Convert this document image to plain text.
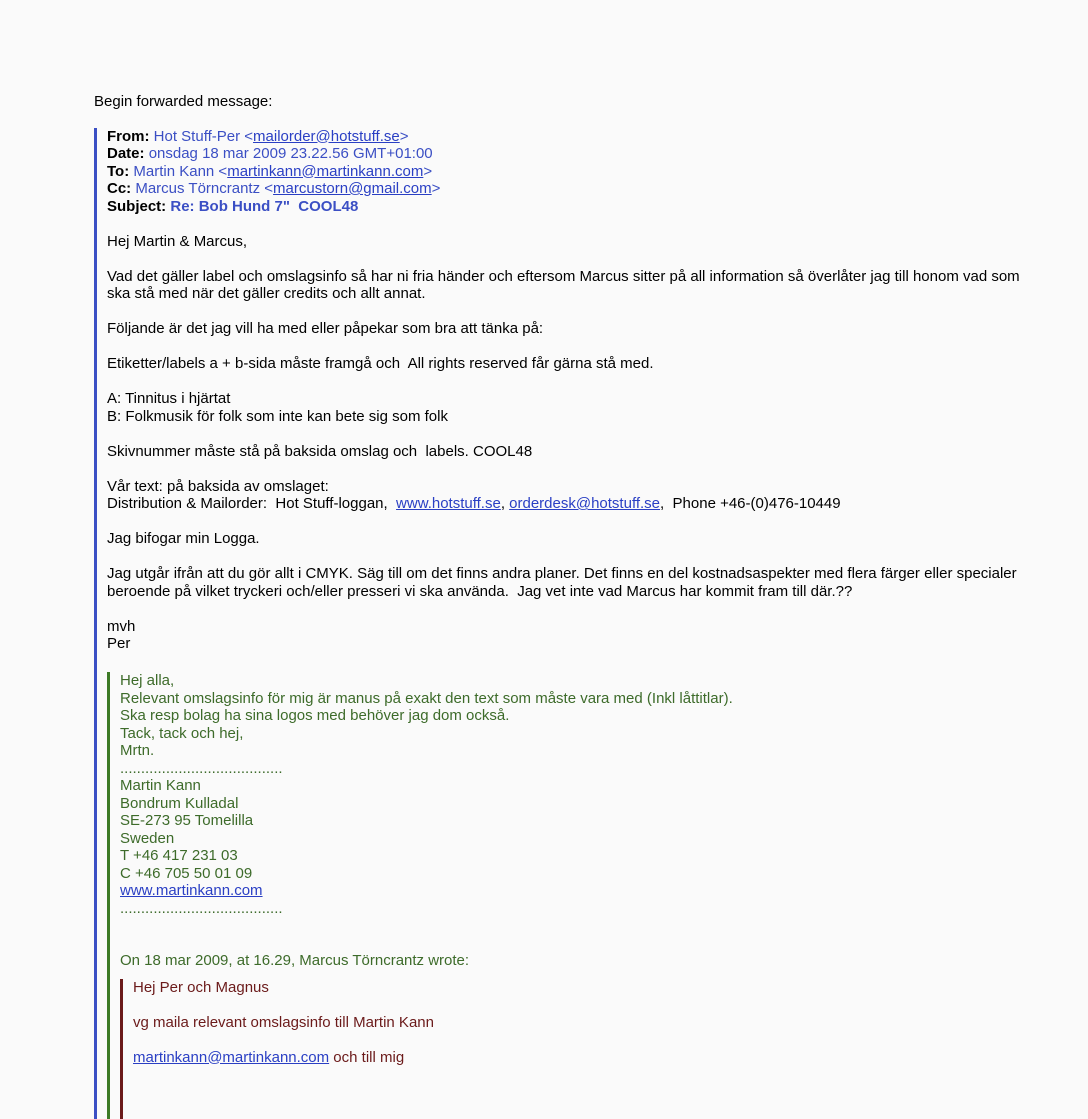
Begin forwarded message:
From: Hot Stuff-Per <mailorder@hotstuff.se>
Date: onsdag 18 mar 2009 23.22.56 GMT+01:00
To: Martin Kann <martinkann@martinkann.com>
Cc: Marcus Törncrantz <marcustorn@gmail.com>
Subject: Re: Bob Hund 7"  COOL48
Hej Martin & Marcus,
Vad det gäller label och omslagsinfo så har ni fria händer och eftersom Marcus sitter på all information så överlåter jag till honom vad som
ska stå med när det gäller credits och allt annat.
Följande är det jag vill ha med eller påpekar som bra att tänka på:
Etiketter/labels a + b-sida måste framgå och  All rights reserved får gärna stå med.
A: Tinnitus i hjärtat
B: Folkmusik för folk som inte kan bete sig som folk
Skivnummer måste stå på baksida omslag och  labels. COOL48
Vår text: på baksida av omslaget:
Distribution & Mailorder:  Hot Stuff-loggan,  www.hotstuff.se, orderdesk@hotstuff.se,  Phone +46-(0)476-10449
Jag bifogar min Logga.
Jag utgår ifrån att du gör allt i CMYK. Säg till om det finns andra planer. Det finns en del kostnadsaspekter med flera färger eller specialer
beroende på vilket tryckeri och/eller presseri vi ska använda.  Jag vet inte vad Marcus har kommit fram till där.??
mvh
Per
Hej alla,
Relevant omslagsinfo för mig är manus på exakt den text som måste vara med (Inkl låttitlar).
Ska resp bolag ha sina logos med behöver jag dom också.
Tack, tack och hej,
Mrtn.
.......................................
Martin Kann
Bondrum Kulladal
SE-273 95 Tomelilla
Sweden
T +46 417 231 03
C +46 705 50 01 09
www.martinkann.com
.......................................
On 18 mar 2009, at 16.29, Marcus Törncrantz wrote:
Hej Per och Magnus
vg maila relevant omslagsinfo till Martin Kann
martinkann@martinkann.com och till mig
